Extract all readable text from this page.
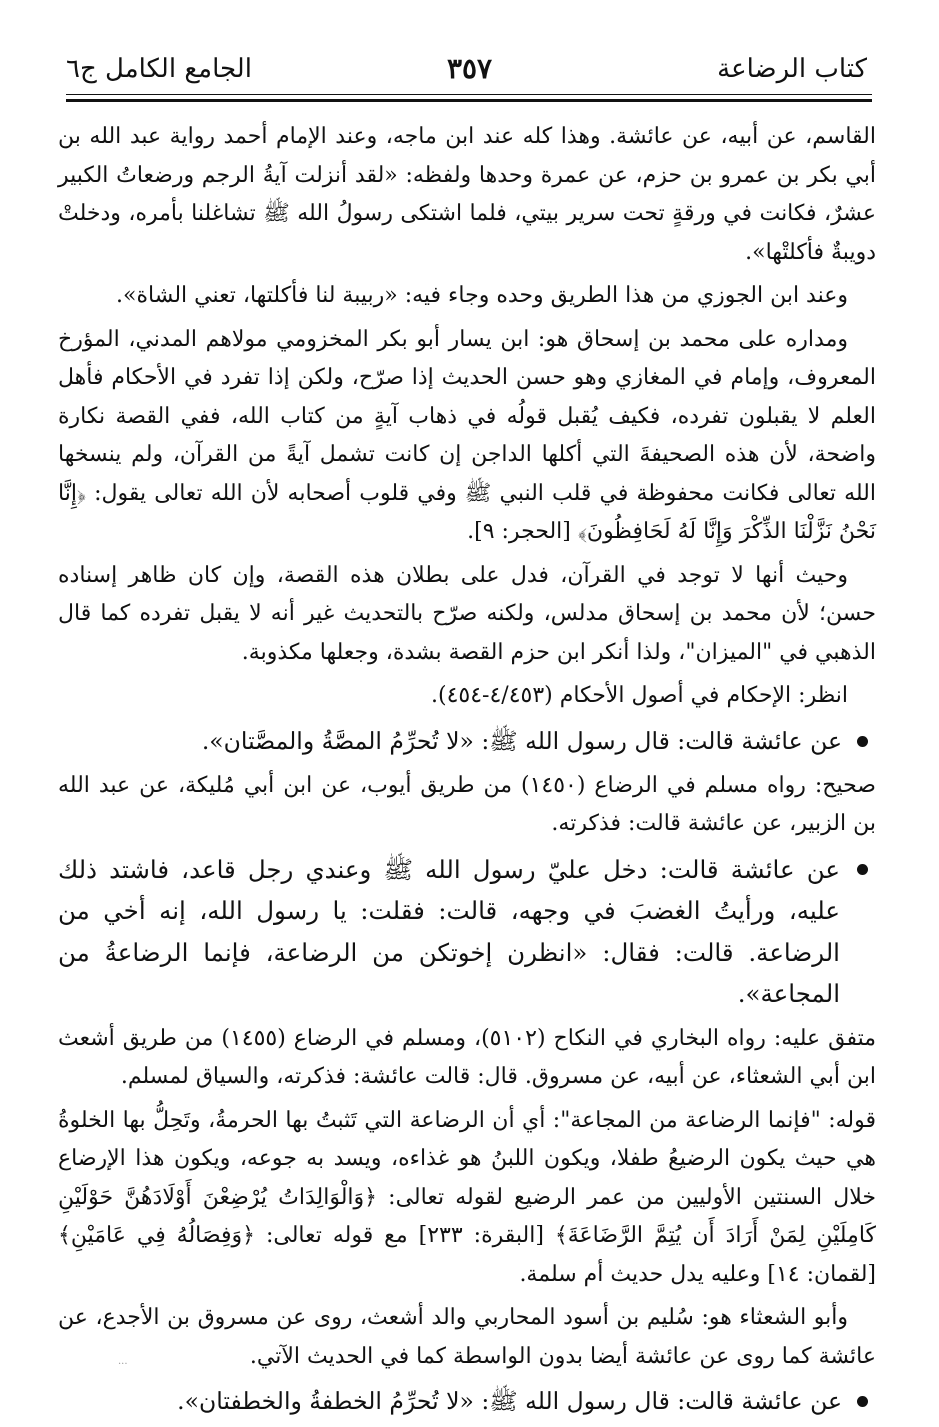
كتاب الرضاعة
٣٥٧
الجامع الكامل ج٦

القاسم، عن أبيه، عن عائشة. وهذا كله عند ابن ماجه، وعند الإمام أحمد رواية عبد الله بن أبي بكر بن عمرو بن حزم، عن عمرة وحدها ولفظه: «لقد أنزلت آيةُ الرجم ورضعاتُ الكبير عشرٌ، فكانت في ورقةٍ تحت سرير بيتي، فلما اشتكى رسولُ الله ﷺ تشاغلنا بأمره، ودخلتْ دويبةٌ فأكلتْها».

وعند ابن الجوزي من هذا الطريق وحده وجاء فيه: «ربيبة لنا فأكلتها، تعني الشاة».

ومداره على محمد بن إسحاق هو: ابن يسار أبو بكر المخزومي مولاهم المدني، المؤرخ المعروف، وإمام في المغازي وهو حسن الحديث إذا صرّح، ولكن إذا تفرد في الأحكام فأهل العلم لا يقبلون تفرده، فكيف يُقبل قولُه في ذهاب آيةٍ من كتاب الله، ففي القصة نكارة واضحة، لأن هذه الصحيفةَ التي أكلها الداجن إن كانت تشمل آيةً من القرآن، ولم ينسخها الله تعالى فكانت محفوظة في قلب النبي ﷺ وفي قلوب أصحابه لأن الله تعالى يقول: ﴿إِنَّا نَحْنُ نَزَّلْنَا الذِّكْرَ وَإِنَّا لَهُ لَحَافِظُونَ﴾ [الحجر: ٩].

وحيث أنها لا توجد في القرآن، فدل على بطلان هذه القصة، وإن كان ظاهر إسناده حسن؛ لأن محمد بن إسحاق مدلس، ولكنه صرّح بالتحديث غير أنه لا يقبل تفرده كما قال الذهبي في "الميزان"، ولذا أنكر ابن حزم القصة بشدة، وجعلها مكذوبة.

انظر: الإحكام في أصول الأحكام (٤/٤٥٣-٤٥٤).

عن عائشة قالت: قال رسول الله ﷺ: «لا تُحرِّمُ المصَّةُ والمصَّتان».

صحيح: رواه مسلم في الرضاع (١٤٥٠) من طريق أيوب، عن ابن أبي مُليكة، عن عبد الله بن الزبير، عن عائشة قالت: فذكرته.

عن عائشة قالت: دخل عليّ رسول الله ﷺ وعندي رجل قاعد، فاشتد ذلك عليه، ورأيتُ الغضبَ في وجهه، قالت: فقلت: يا رسول الله، إنه أخي من الرضاعة. قالت: فقال: «انظرن إخوتكن من الرضاعة، فإنما الرضاعةُ من المجاعة».

متفق عليه: رواه البخاري في النكاح (٥١٠٢)، ومسلم في الرضاع (١٤٥٥) من طريق أشعث ابن أبي الشعثاء، عن أبيه، عن مسروق. قال: قالت عائشة: فذكرته، والسياق لمسلم.

قوله: "فإنما الرضاعة من المجاعة": أي أن الرضاعة التي تَثبتُ بها الحرمةُ، وتَحِلُّ بها الخلوةُ هي حيث يكون الرضيعُ طفلا، ويكون اللبنُ هو غذاءه، ويسد به جوعه، ويكون هذا الإرضاع خلال السنتين الأوليين من عمر الرضيع لقوله تعالى: ﴿وَالْوَالِدَاتُ يُرْضِعْنَ أَوْلَادَهُنَّ حَوْلَيْنِ كَامِلَيْنِ لِمَنْ أَرَادَ أَن يُتِمَّ الرَّضَاعَةَ﴾ [البقرة: ٢٣٣] مع قوله تعالى: ﴿وَفِصَالُهُ فِي عَامَيْنِ﴾ [لقمان: ١٤] وعليه يدل حديث أم سلمة.

وأبو الشعثاء هو: سُليم بن أسود المحاربي والد أشعث، روى عن مسروق بن الأجدع، عن عائشة كما روى عن عائشة أيضا بدون الواسطة كما في الحديث الآتي.

عن عائشة قالت: قال رسول الله ﷺ: «لا تُحرِّمُ الخطفةُ والخطفتان».

...
